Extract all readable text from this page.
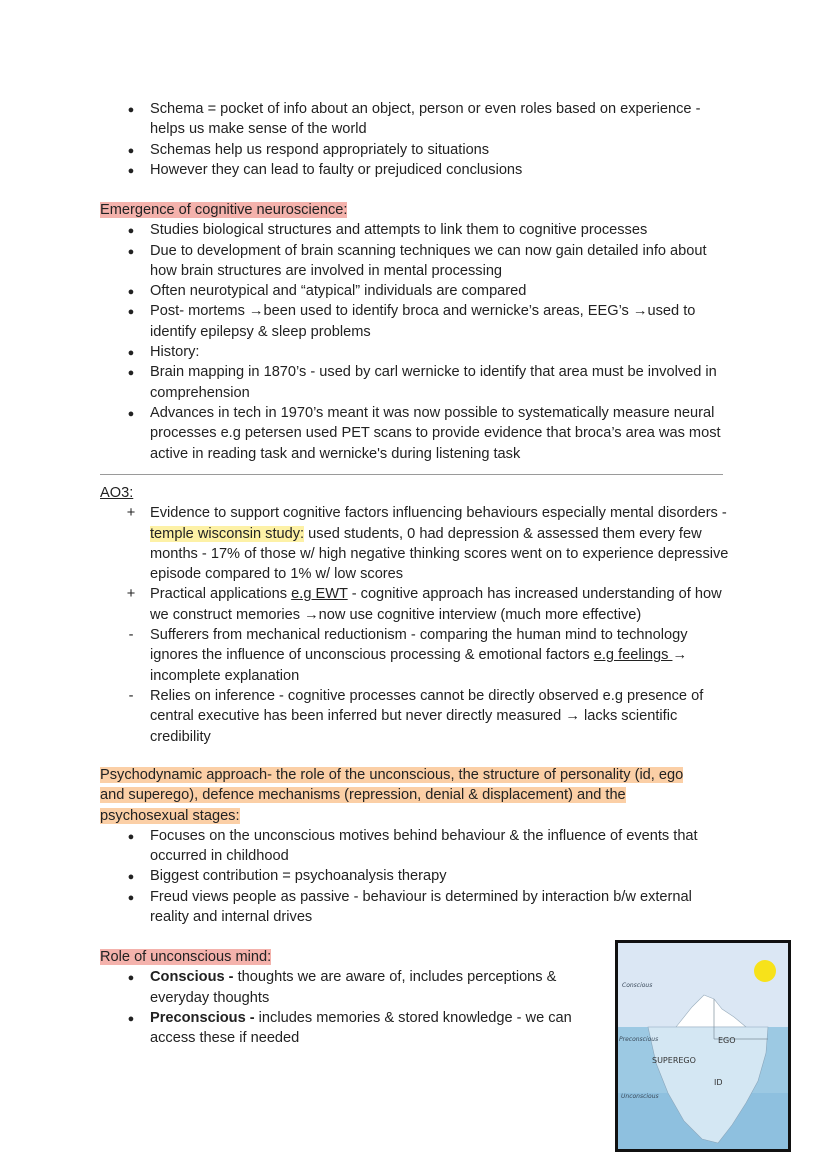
●
Schema = pocket of info about an object, person or even roles based on experience - helps us make sense of the world
●
Schemas help us respond appropriately to situations
●
However they can lead to faulty or prejudiced conclusions
Emergence of cognitive neuroscience:
●
Studies biological structures and attempts to link them to cognitive processes
●
Due to development of brain scanning techniques we can now gain detailed info about how brain structures are involved in mental processing
●
Often neurotypical and “atypical” individuals are compared
●
Post- mortems →been used to identify broca and wernicke’s areas, EEG’s →used to identify epilepsy & sleep problems
●
History:
●
Brain mapping in 1870’s - used by carl wernicke to identify that area must be involved in comprehension
●
Advances in tech in 1970’s meant it was now possible to systematically measure neural processes e.g petersen used PET scans to provide evidence that broca’s area was most active in reading task and wernicke's during listening task
AO3:
+ Evidence to support cognitive factors influencing behaviours especially mental disorders - temple wisconsin study: used students, 0 had depression & assessed them every few months - 17% of those w/ high negative thinking scores went on to experience depressive episode compared to 1% w/ low scores
+ Practical applications e.g EWT - cognitive approach has increased understanding of how we construct memories →now use cognitive interview (much more effective)
-	Sufferers from mechanical reductionism - comparing the human mind to technology ignores the influence of unconscious processing & emotional factors e.g feelings → incomplete explanation
-	Relies on inference - cognitive processes cannot be directly observed e.g presence of central executive has been inferred but never directly measured → lacks scientific credibility
Psychodynamic approach- the role of the unconscious, the structure of personality (id, ego
and superego), defence mechanisms (repression, denial & displacement) and the
psychosexual stages:
●
Focuses on the unconscious motives behind behaviour & the influence of events that occurred in childhood
●
Biggest contribution = psychoanalysis therapy
●
Freud views people as passive - behaviour is determined by interaction b/w external reality and internal drives
Role of unconscious mind:
●
Conscious - thoughts we are aware of, includes perceptions & everyday thoughts
●
Preconscious - includes memories & stored knowledge - we can access these if needed
Conscious
Preconscious
Unconscious
EGO
SUPEREGO
ID
